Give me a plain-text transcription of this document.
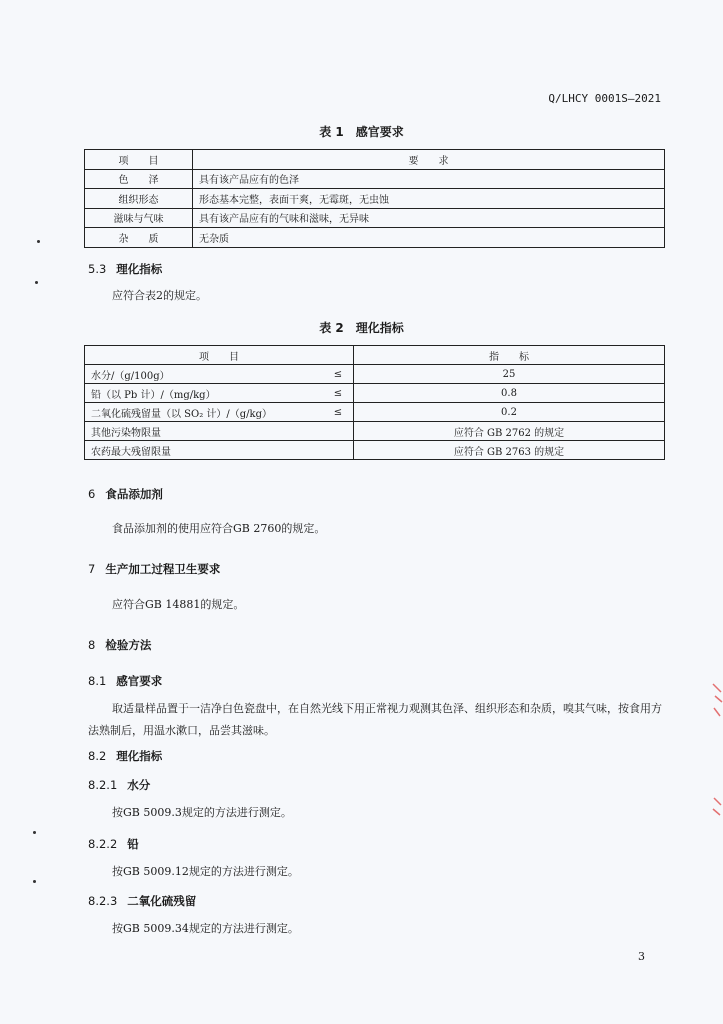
Q/LHCY 0001S—2021
表 1　感官要求
项　　目	要　　求
色　　泽	具有该产品应有的色泽
组织形态	形态基本完整，表面干爽，无霉斑，无虫蚀
滋味与气味	具有该产品应有的气味和滋味，无异味
杂　　质	无杂质
5.3 理化指标
应符合表2的规定。
表 2　理化指标
项　　目		指　　标
水分/（g/100g）	≤	25
铅（以 Pb 计）/（mg/kg）	≤	0.8
二氧化硫残留量（以 SO₂ 计）/（g/kg）	≤	0.2
其他污染物限量		应符合 GB 2762 的规定
农药最大残留限量		应符合 GB 2763 的规定
6 食品添加剂
食品添加剂的使用应符合GB 2760的规定。
7 生产加工过程卫生要求
应符合GB 14881的规定。
8 检验方法
8.1 感官要求
取适量样品置于一洁净白色瓷盘中，在自然光线下用正常视力观测其色泽、组织形态和杂质，嗅其气味，按食用方法熟制后，用温水漱口，品尝其滋味。
8.2 理化指标
8.2.1 水分
按GB 5009.3规定的方法进行测定。
8.2.2 铅
按GB 5009.12规定的方法进行测定。
8.2.3 二氧化硫残留
按GB 5009.34规定的方法进行测定。
3
